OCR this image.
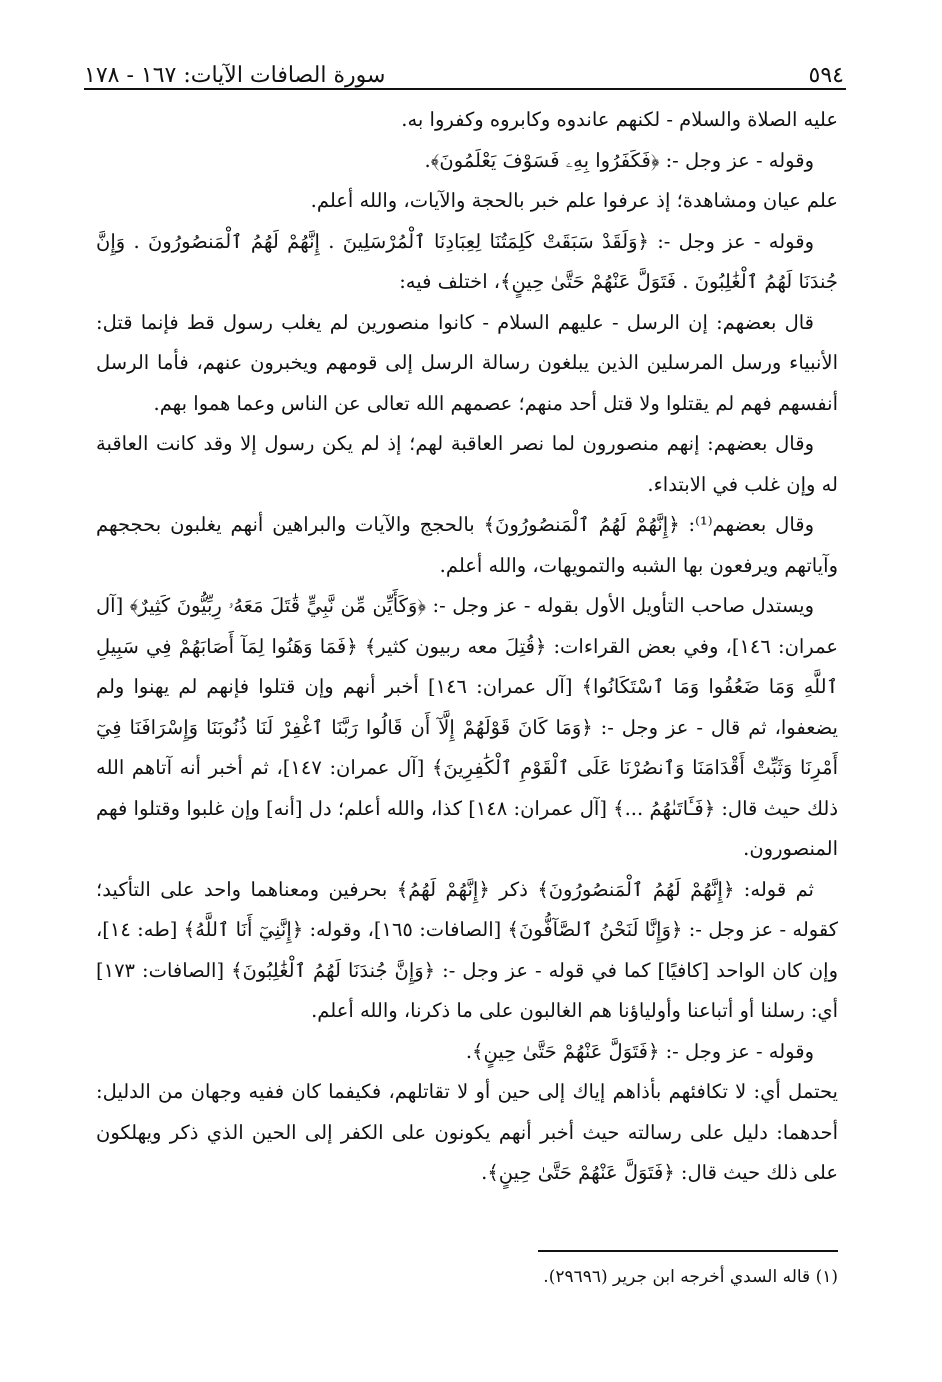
٥٩٤
سورة الصافات الآيات: ١٦٧ - ١٧٨

عليه الصلاة والسلام - لكنهم عاندوه وكابروه وكفروا به.

وقوله - عز وجل -: ﴿فَكَفَرُوا بِهِۦ فَسَوْفَ يَعْلَمُونَ﴾.

علم عيان ومشاهدة؛ إذ عرفوا علم خبر بالحجة والآيات، والله أعلم.

وقوله - عز وجل -: ﴿وَلَقَدْ سَبَقَتْ كَلِمَتُنَا لِعِبَادِنَا ٱلْمُرْسَلِينَ . إِنَّهُمْ لَهُمُ ٱلْمَنصُورُونَ . وَإِنَّ جُندَنَا لَهُمُ ٱلْغَٰلِبُونَ . فَتَوَلَّ عَنْهُمْ حَتَّىٰ حِينٍ﴾، اختلف فيه:

قال بعضهم: إن الرسل - عليهم السلام - كانوا منصورين لم يغلب رسول قط فإنما قتل: الأنبياء ورسل المرسلين الذين يبلغون رسالة الرسل إلى قومهم ويخبرون عنهم، فأما الرسل أنفسهم فهم لم يقتلوا ولا قتل أحد منهم؛ عصمهم الله تعالى عن الناس وعما هموا بهم.

وقال بعضهم: إنهم منصورون لما نصر العاقبة لهم؛ إذ لم يكن رسول إلا وقد كانت العاقبة له وإن غلب في الابتداء.

وقال بعضهم⁽¹⁾: ﴿إِنَّهُمْ لَهُمُ ٱلْمَنصُورُونَ﴾ بالحجج والآيات والبراهين أنهم يغلبون بحججهم وآياتهم ويرفعون بها الشبه والتمويهات، والله أعلم.

ويستدل صاحب التأويل الأول بقوله - عز وجل -: ﴿وَكَأَيِّن مِّن نَّبِيٍّ قَٰتَلَ مَعَهُۥ رِبِّيُّونَ كَثِيرٌ﴾ [آل عمران: ١٤٦]، وفي بعض القراءات: ﴿قُتِلَ معه ربيون كثير﴾ ﴿فَمَا وَهَنُوا لِمَآ أَصَابَهُمْ فِي سَبِيلِ ٱللَّهِ وَمَا ضَعُفُوا وَمَا ٱسْتَكَانُوا﴾ [آل عمران: ١٤٦] أخبر أنهم وإن قتلوا فإنهم لم يهنوا ولم يضعفوا، ثم قال - عز وجل -: ﴿وَمَا كَانَ قَوْلَهُمْ إِلَّآ أَن قَالُوا رَبَّنَا ٱغْفِرْ لَنَا ذُنُوبَنَا وَإِسْرَافَنَا فِيٓ أَمْرِنَا وَثَبِّتْ أَقْدَامَنَا وَٱنصُرْنَا عَلَى ٱلْقَوْمِ ٱلْكَٰفِرِينَ﴾ [آل عمران: ١٤٧]، ثم أخبر أنه آتاهم الله ذلك حيث قال: ﴿فَـَٔاتَىٰهُمُ ...﴾ [آل عمران: ١٤٨] كذا، والله أعلم؛ دل [أنه] وإن غلبوا وقتلوا فهم المنصورون.

ثم قوله: ﴿إِنَّهُمْ لَهُمُ ٱلْمَنصُورُونَ﴾ ذكر ﴿إِنَّهُمْ لَهُمُ﴾ بحرفين ومعناهما واحد على التأكيد؛ كقوله - عز وجل -: ﴿وَإِنَّا لَنَحْنُ ٱلصَّآفُّونَ﴾ [الصافات: ١٦٥]، وقوله: ﴿إِنَّنِيٓ أَنَا ٱللَّهُ﴾ [طه: ١٤]، وإن كان الواحد [كافيًا] كما في قوله - عز وجل -: ﴿وَإِنَّ جُندَنَا لَهُمُ ٱلْغَٰلِبُونَ﴾ [الصافات: ١٧٣] أي: رسلنا أو أتباعنا وأولياؤنا هم الغالبون على ما ذكرنا، والله أعلم.

وقوله - عز وجل -: ﴿فَتَوَلَّ عَنْهُمْ حَتَّىٰ حِينٍ﴾.

يحتمل أي: لا تكافئهم بأذاهم إياك إلى حين أو لا تقاتلهم، فكيفما كان ففيه وجهان من الدليل: أحدهما: دليل على رسالته حيث أخبر أنهم يكونون على الكفر إلى الحين الذي ذكر ويهلكون على ذلك حيث قال: ﴿فَتَوَلَّ عَنْهُمْ حَتَّىٰ حِينٍ﴾.

(١) قاله السدي أخرجه ابن جرير (٢٩٦٩٦).
